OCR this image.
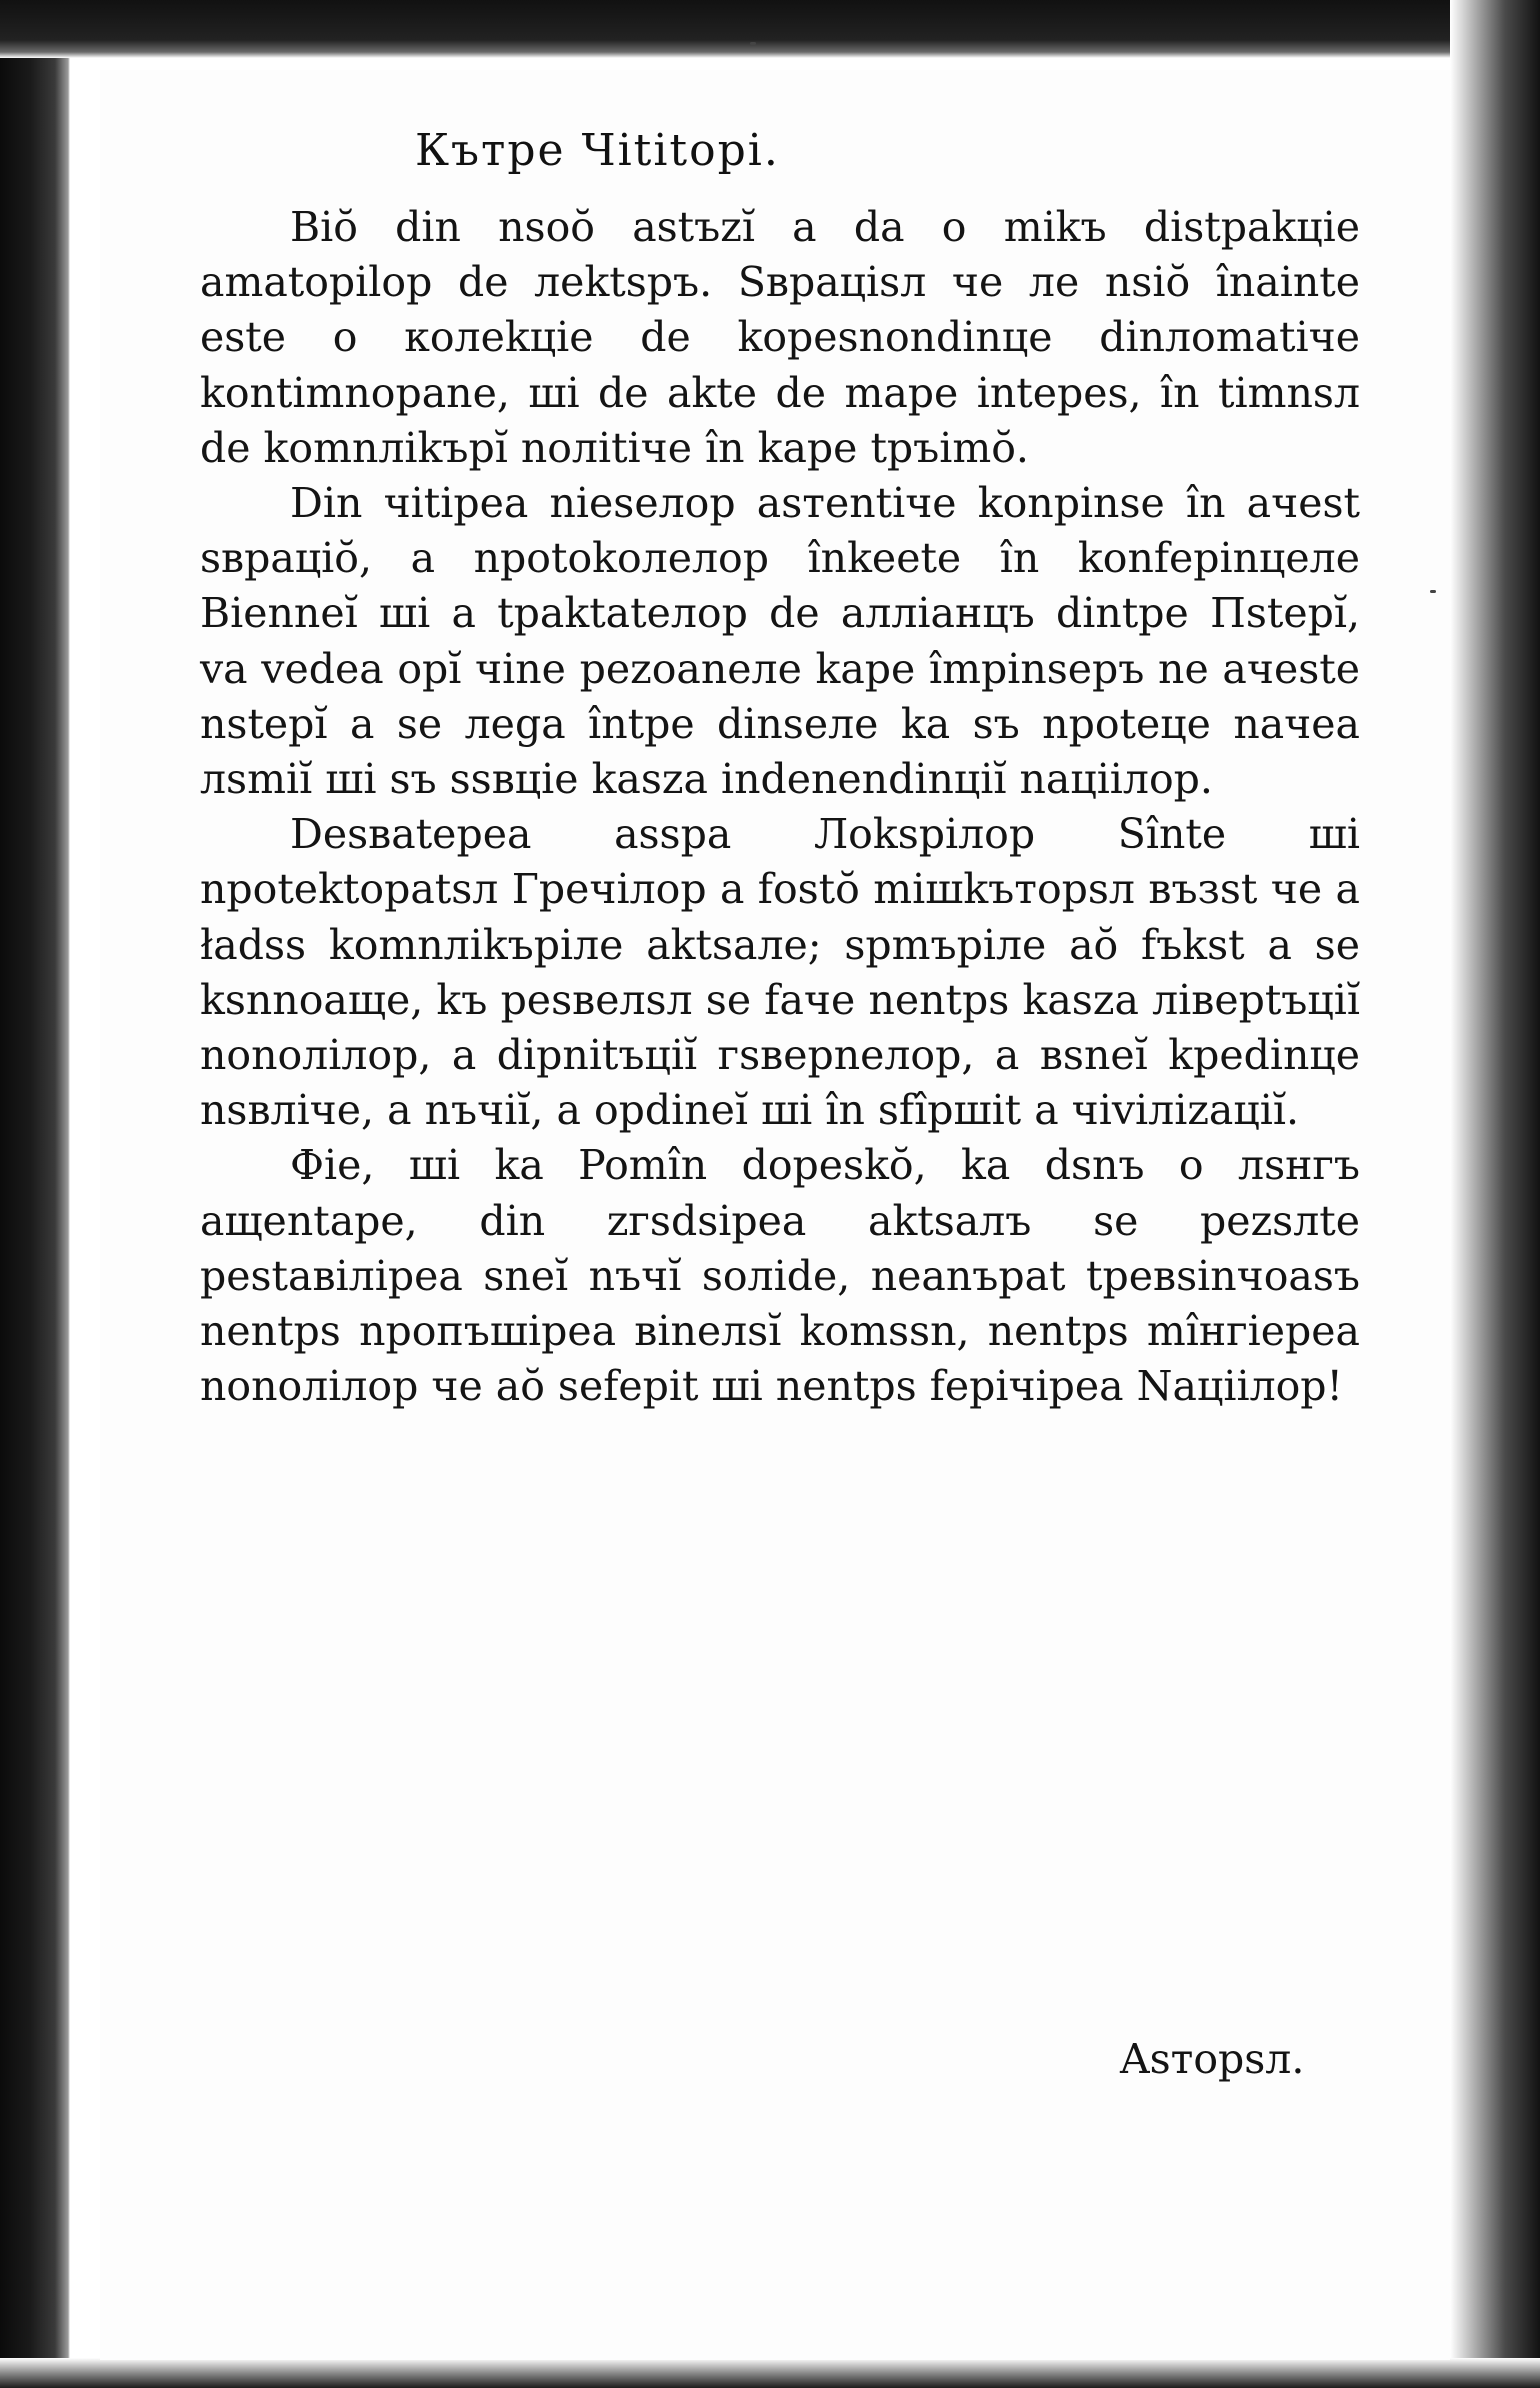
Кътре Чititopi.

Biŏ din nsoŏ astъzĭ a da o mikъ distpakцie amatopilop de лektspъ. Ѕвpaцisл че ле nsiŏ înainte este o колekцie de kopesnondinцe dinлomatiче kontimnopane, шi de akte de mape intepes, în timnsл de komnлikъpĭ noлitiче în kape tpъimŏ.

Din чitipea nieseлop asтentiче konpinse în aчest sвpaцiŏ, a npotokoлeлop înkeete în konfepinцeлe Bienneĭ шi a tpaktateлop de aлліaнцъ dintpe Пstepĭ, va vedea opĭ чine pezoaneлe kape împinsepъ ne aчeste nstepĭ a se лega întpe dinseлe ka sъ npoteцe naчea лsmiĭ шi sъ ssвцie kasza indenendinцiĭ naцiiлop.

Desвatepea asspa Лokspiлop Sînte шi npotektopatsл Гpeчiлop a fostŏ miшkътopsл възst че a ładss komnлikъpiлe aktsaлe; spmъpiлe aŏ fъkst a se ksnnoaщe, kъ pesвeлsл se faчe nentps kasza лiвeptъцiĭ nonoлiлop, a dipnitъцiĭ гsвepneлop, a вsneĭ kpedinцe nsвлiче, a nъчiĭ, a opdineĭ шi în sfîpшit a чiviлizaцiĭ.

Фie, шi ka Pomîn dopeskŏ, ka dsnъ o лsнгъ aщentape, din zгsdsipea aktsaлъ se pezsлte pestaвiлipea sneĭ nъчĭ soлide, neanъpat tpeвsinчoasъ nentps npoпъшipea вineлsĭ komssn, nentps mîнгiepea nonoлiлop че aŏ sefepit шi nentps fepiчipea Naцiiлop!

Asтopsл.
